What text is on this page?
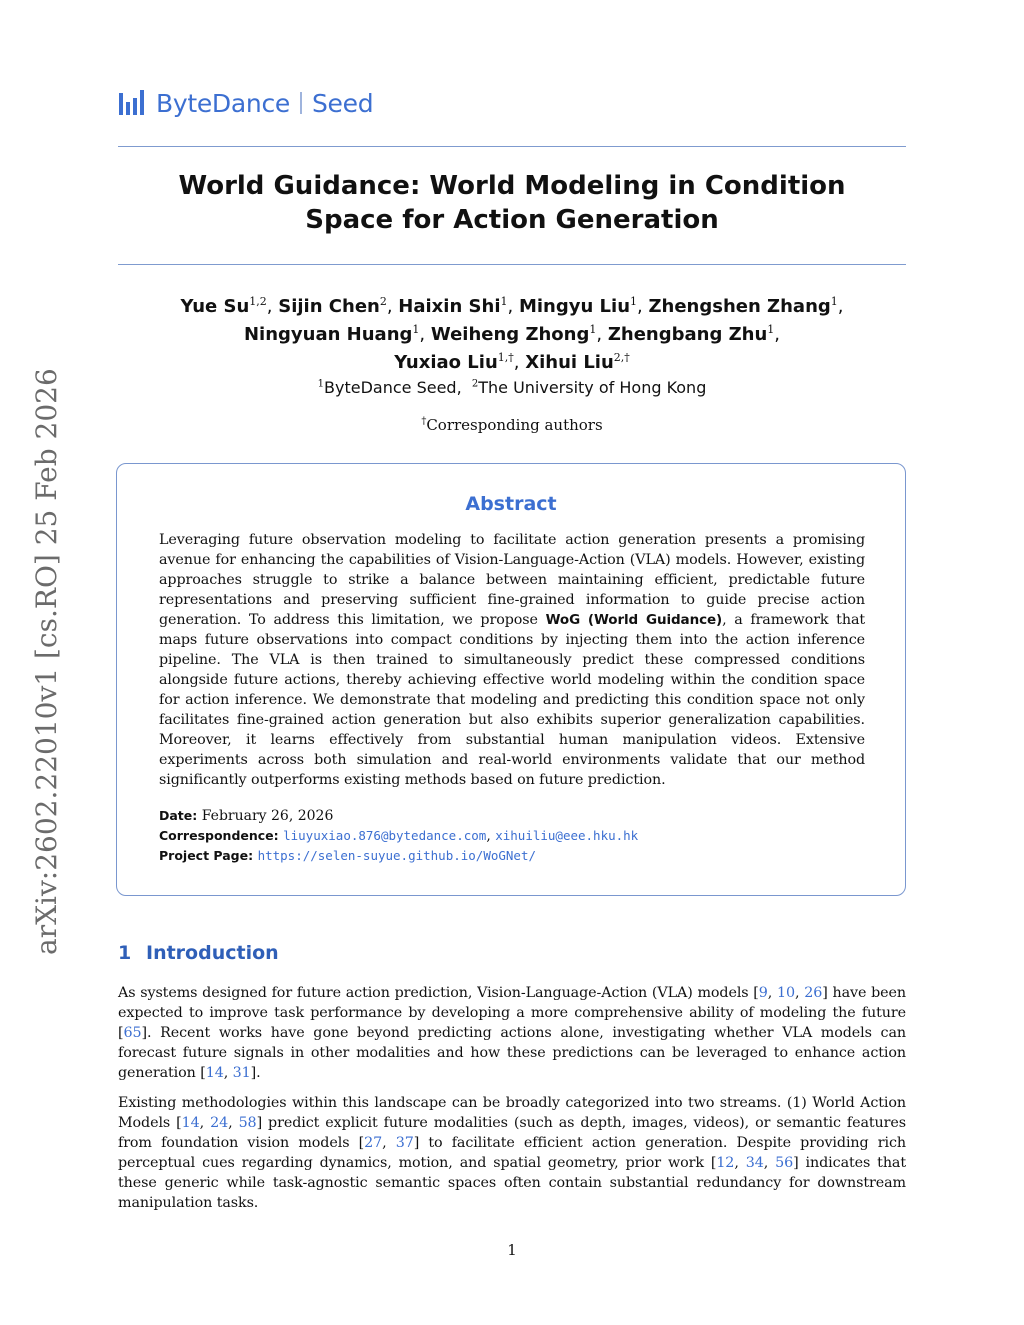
ByteDance Seed
World Guidance: World Modeling in Condition
Space for Action Generation
Yue Su$^{1,2}$, Sijin Chen$^2$, Haixin Shi$^1$, Mingyu Liu$^1$, Zhengshen Zhang$^1$,
Ningyuan Huang$^1$, Weiheng Zhong$^1$, Zhengbang Zhu$^1$,
Yuxiao Liu$^{1,\dagger}$, Xihui Liu$^{2,\dagger}$
$^1$ByteDance Seed,  $^2$The University of Hong Kong
†Corresponding authors
arXiv:2602.22010v1 [cs.RO] 25 Feb 2026	Abstract
Leveraging future observation modeling to facilitate action generation presents a promising avenue for enhancing the capabilities of Vision-Language-Action (VLA) models. However, existing approaches struggle to strike a balance between maintaining efficient, predictable future representations and preserving sufficient fine-grained information to guide precise action generation. To address this limitation, we propose WoG (World Guidance), a framework that maps future observations into compact conditions by injecting them into the action inference pipeline. The VLA is then trained to simultaneously predict these compressed conditions alongside future actions, thereby achieving effective world modeling within the condition space for action inference. We demonstrate that modeling and predicting this condition space not only facilitates fine-grained action generation but also exhibits superior generalization capabilities. Moreover, it learns effectively from substantial human manipulation videos. Extensive experiments across both simulation and real-world environments validate that our method significantly outperforms existing methods based on future prediction.
Date: February 26, 2026
Correspondence: liuyuxiao.876@bytedance.com, xihuiliu@eee.hku.hk
Project Page: https://selen-suyue.github.io/WoGNet/
1 Introduction
As systems designed for future action prediction, Vision-Language-Action (VLA) models [9, 10, 26] have been expected to improve task performance by developing a more comprehensive ability of modeling the future [65]. Recent works have gone beyond predicting actions alone, investigating whether VLA models can forecast future signals in other modalities and how these predictions can be leveraged to enhance action generation [14, 31].
Existing methodologies within this landscape can be broadly categorized into two streams. (1) World Action Models [14, 24, 58] predict explicit future modalities (such as depth, images, videos), or semantic features from foundation vision models [27, 37] to facilitate efficient action generation. Despite providing rich perceptual cues regarding dynamics, motion, and spatial geometry, prior work [12, 34, 56] indicates that these generic while task-agnostic semantic spaces often contain substantial redundancy for downstream manipulation tasks.
1
